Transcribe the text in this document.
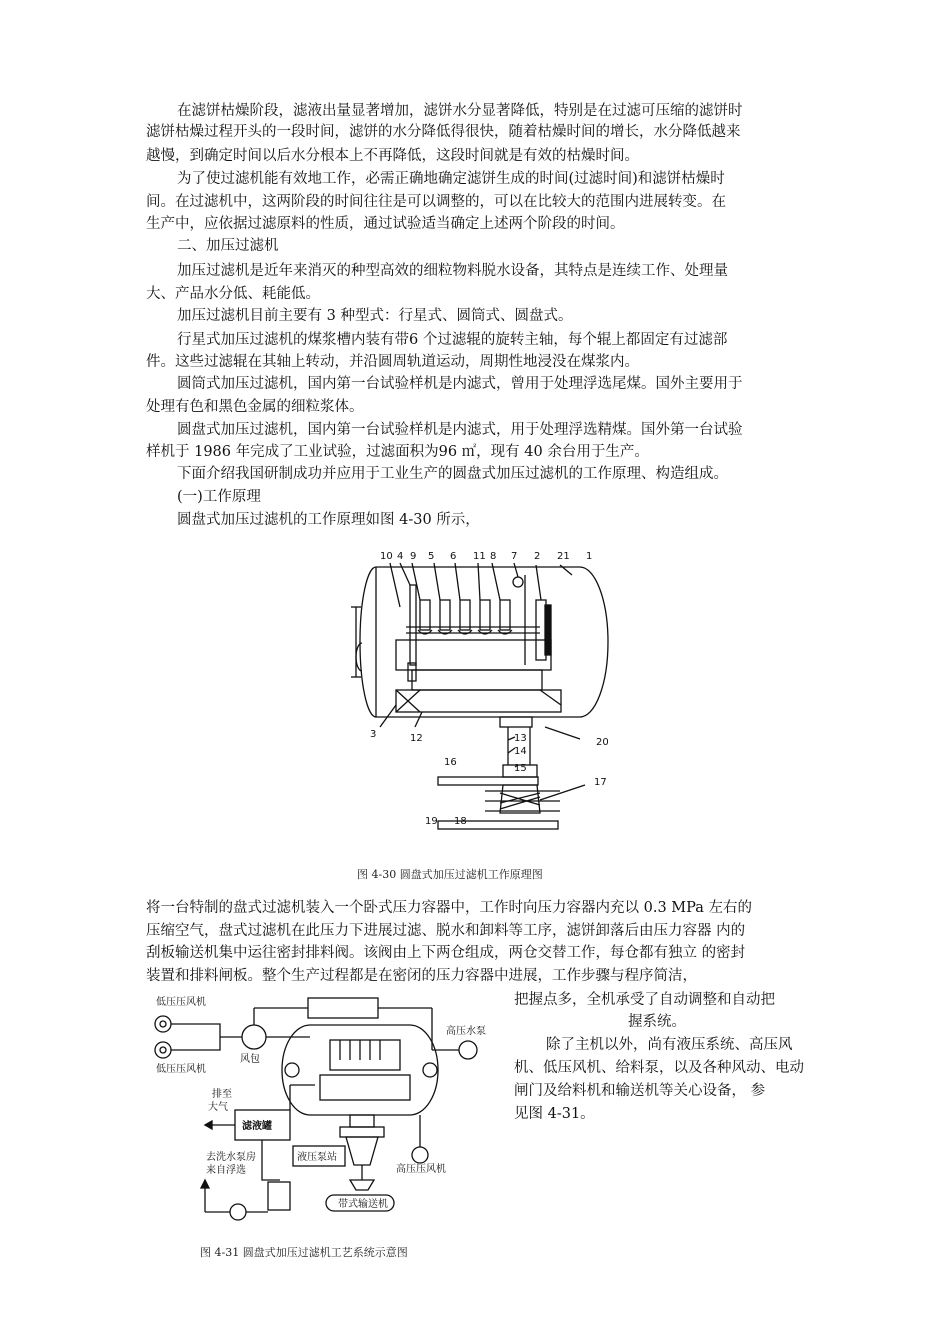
在滤饼枯燥阶段，滤液出量显著增加，滤饼水分显著降低，特别是在过滤可压缩的滤饼时
滤饼枯燥过程开头的一段时间，滤饼的水分降低得很快，随着枯燥时间的增长，水分降低越来
越慢，到确定时间以后水分根本上不再降低，这段时间就是有效的枯燥时间。
为了使过滤机能有效地工作，必需正确地确定滤饼生成的时间(过滤时间)和滤饼枯燥时
间。在过滤机中，这两阶段的时间往往是可以调整的，可以在比较大的范围内进展转变。在
生产中，应依据过滤原料的性质，通过试验适当确定上述两个阶段的时间。
二、加压过滤机
加压过滤机是近年来消灭的种型高效的细粒物料脱水设备，其特点是连续工作、处理量
大、产品水分低、耗能低。
加压过滤机目前主要有 3 种型式：行星式、圆筒式、圆盘式。
行星式加压过滤机的煤浆槽内装有带6 个过滤辊的旋转主轴，每个辊上都固定有过滤部
件。这些过滤辊在其轴上转动，并沿圆周轨道运动，周期性地浸没在煤浆内。
圆筒式加压过滤机，国内第一台试验样机是内滤式，曾用于处理浮选尾煤。国外主要用于
处理有色和黑色金属的细粒浆体。
圆盘式加压过滤机，国内第一台试验样机是内滤式，用于处理浮选精煤。国外第一台试验
样机于 1986 年完成了工业试验，过滤面积为96 ㎡，现有 40 余台用于生产。
下面介绍我国研制成功并应用于工业生产的圆盘式加压过滤机的工作原理、构造组成。
(一)工作原理
圆盘式加压过滤机的工作原理如图 4-30 所示，
10 4 9 5 6 11 8 7 2 21 1
3	12	13
14
20
16
15
17
19 18
图 4-30 圆盘式加压过滤机工作原理图
将一台特制的盘式过滤机装入一个卧式压力容器中，工作时向压力容器内充以 0.3 MPa 左右的
压缩空气，盘式过滤机在此压力下进展过滤、脱水和卸料等工序，滤饼卸落后由压力容器 内的
刮板输送机集中运往密封排料阀。该阀由上下两仓组成，两仓交替工作，每仓都有独立 的密封
装置和排料闸板。整个生产过程都是在密闭的压力容器中进展，工作步骤与程序简洁，
把握点多，全机承受了自动调整和自动把
握系统。
除了主机以外，尚有液压系统、高压风
机、低压风机、给料泵，以及各种风动、电动
闸门及给料机和输送机等关心设备， 参
见图 4-31。
低压压风机
低压压风机
风包
高压水泵
排至
大气
滤液罐
去洗水泵房
来自浮选
液压泵站
高压压风机
带式输送机
图 4-31 圆盘式加压过滤机工艺系统示意图
